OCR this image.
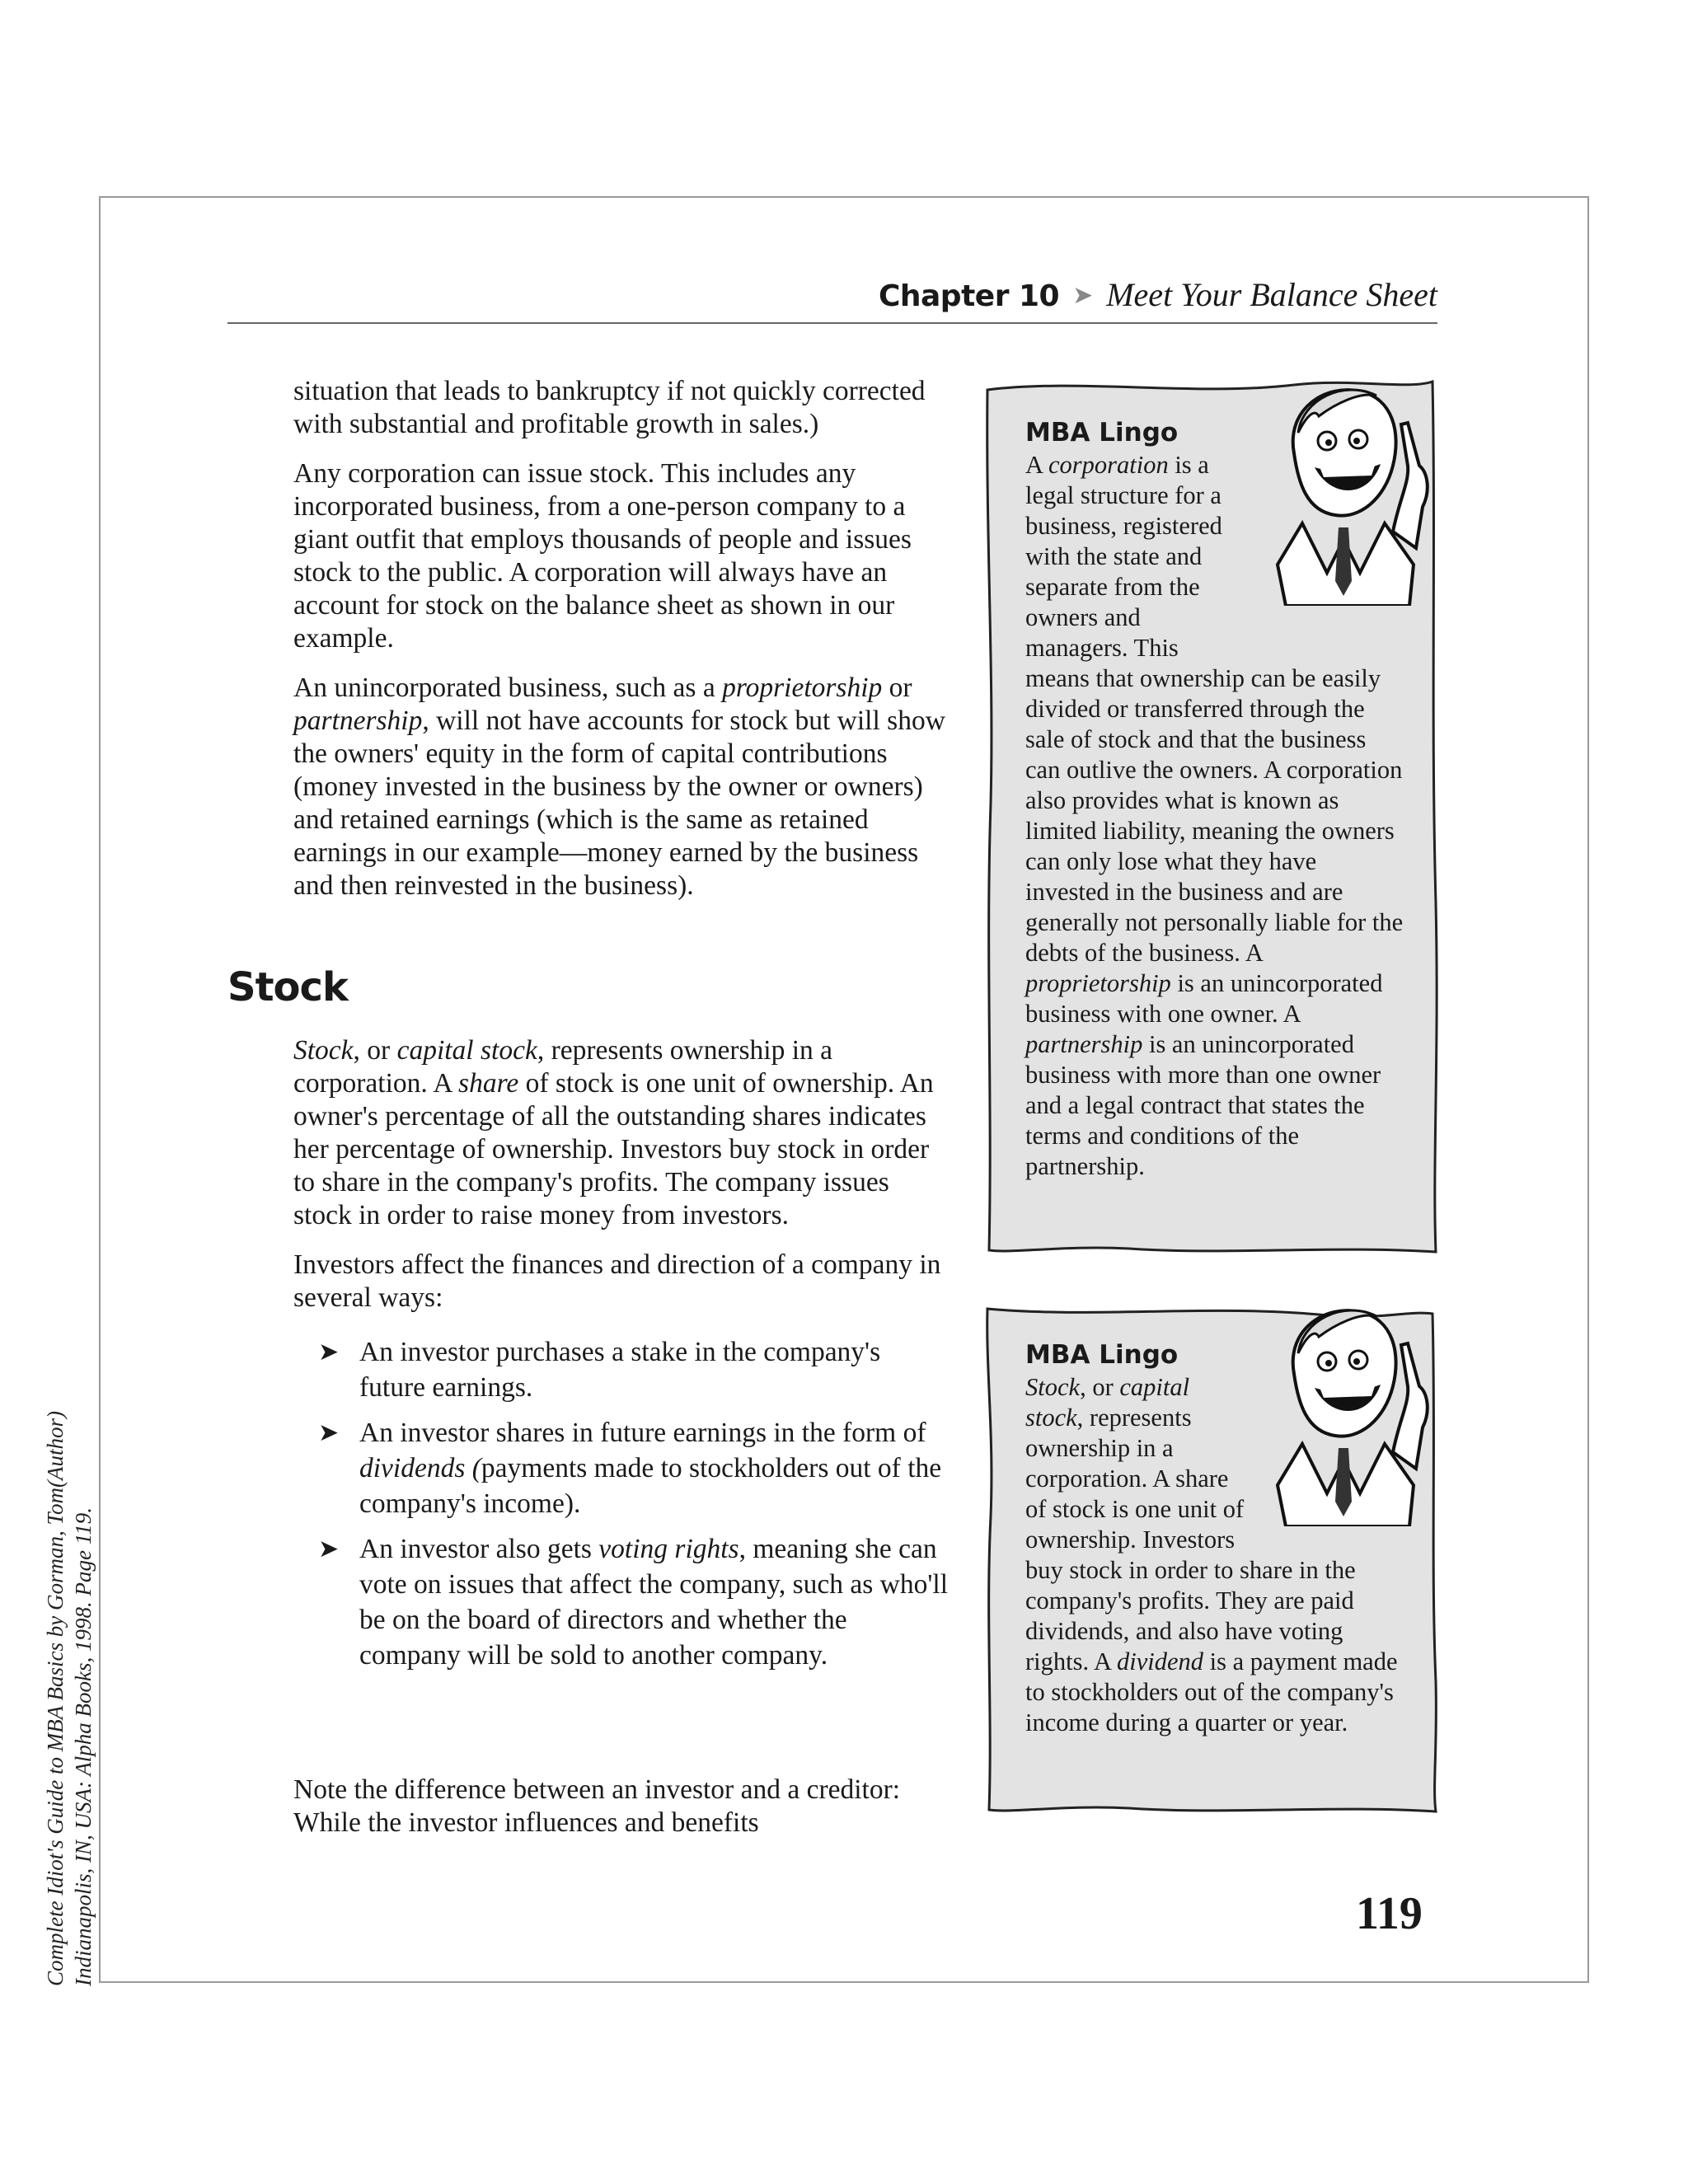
Complete Idiot's Guide to MBA Basics by Gorman, Tom(Author) Indianapolis, IN, USA: Alpha Books, 1998. Page 119.
Chapter 10 ➤ Meet Your Balance Sheet

situation that leads to bankruptcy if not quickly corrected with substantial and profitable growth in sales.)

Any corporation can issue stock. This includes any incorporated business, from a one-person company to a giant outfit that employs thousands of people and issues stock to the public. A corporation will always have an account for stock on the balance sheet as shown in our example.

An unincorporated business, such as a proprietorship or partnership, will not have accounts for stock but will show the owners' equity in the form of capital contributions (money invested in the business by the owner or owners) and retained earnings (which is the same as retained earnings in our example—money earned by the business and then reinvested in the business).

Stock

Stock, or capital stock, represents ownership in a corporation. A share of stock is one unit of ownership. An owner's percentage of all the outstanding shares indicates her percentage of ownership. Investors buy stock in order to share in the company's profits. The company issues stock in order to raise money from investors.

Investors affect the finances and direction of a company in several ways:

➤ An investor purchases a stake in the company's future earnings.
➤ An investor shares in future earnings in the form of dividends (payments made to stockholders out of the company's income).
➤ An investor also gets voting rights, meaning she can vote on issues that affect the company, such as who'll be on the board of directors and whether the company will be sold to another company.
Note the difference between an investor and a creditor: While the investor influences and benefits
MBA Lingo

A corporation is a legal structure for a business, registered with the state and separate from the owners and managers. This means that ownership can be easily divided or transferred through the sale of stock and that the business can outlive the owners. A corporation also provides what is known as limited liability, meaning the owners can only lose what they have invested in the business and are generally not personally liable for the debts of the business. A proprietorship is an unincorporated business with one owner. A partnership is an unincorporated business with more than one owner and a legal contract that states the terms and conditions of the partnership.

MBA Lingo

Stock, or capital stock, represents ownership in a corporation. A share of stock is one unit of ownership. Investors buy stock in order to share in the company's profits. They are paid dividends, and also have voting rights. A dividend is a payment made to stockholders out of the company's income during a quarter or year.

119
